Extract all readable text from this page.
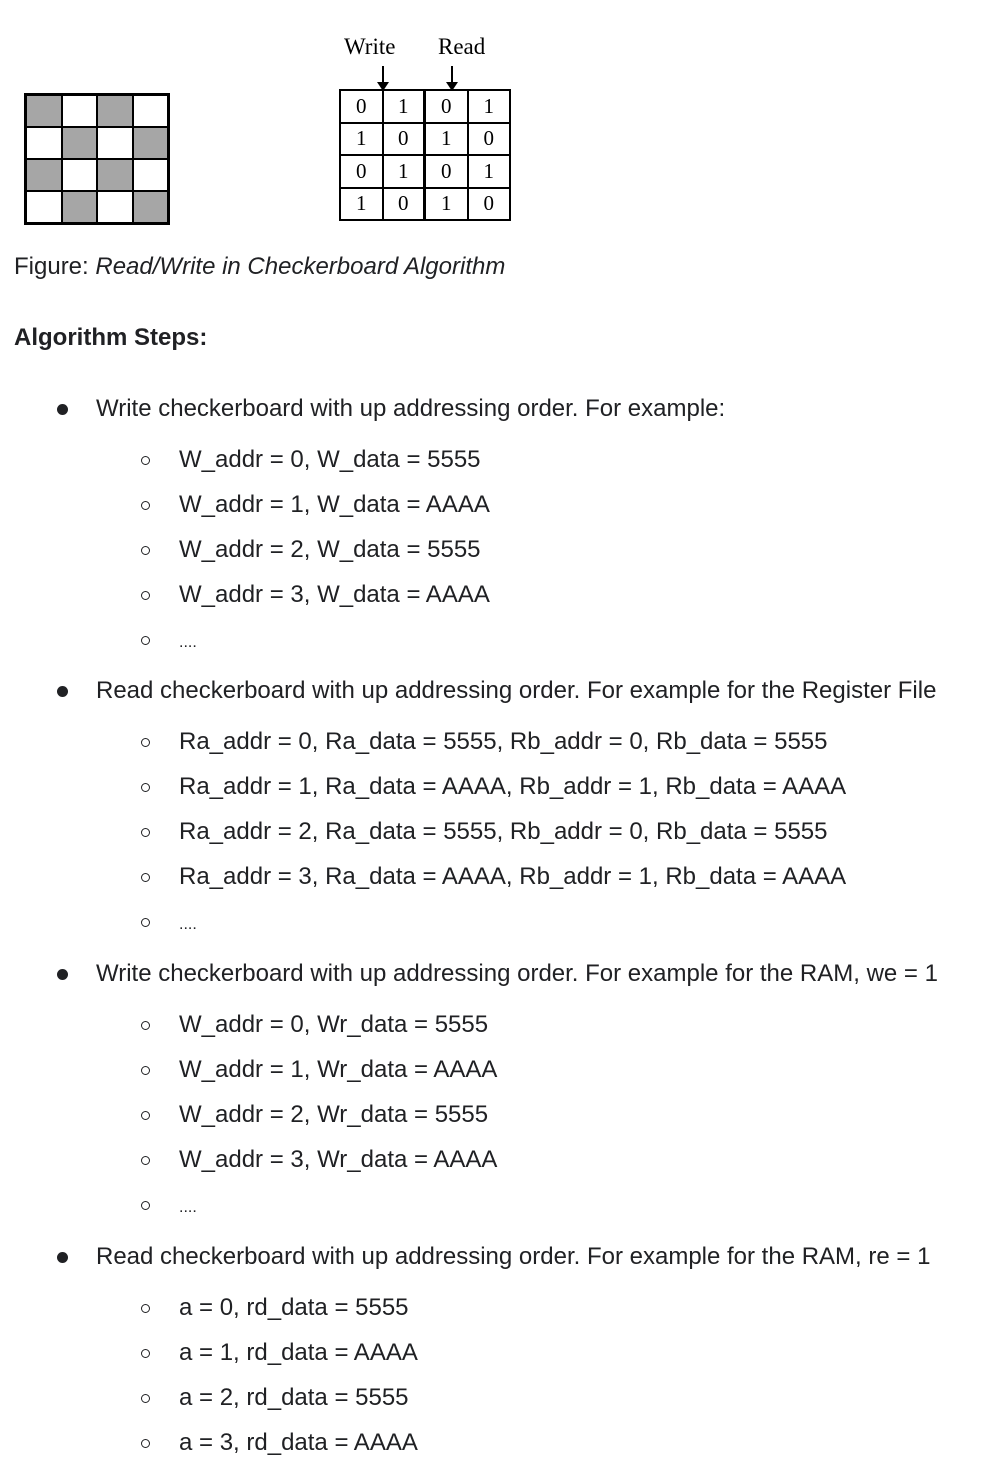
Write Read
0	1	0	1
1	0	1	0
0	1	0	1
1	0	1	0
Figure: Read/Write in Checkerboard Algorithm
Algorithm Steps:
Write checkerboard with up addressing order. For example:
W_addr = 0, W_data = 5555
W_addr = 1, W_data = AAAA
W_addr = 2, W_data = 5555
W_addr = 3, W_data = AAAA
....
Read checkerboard with up addressing order. For example for the Register File
Ra_addr = 0, Ra_data = 5555, Rb_addr = 0, Rb_data = 5555
Ra_addr = 1, Ra_data = AAAA, Rb_addr = 1, Rb_data = AAAA
Ra_addr = 2, Ra_data = 5555, Rb_addr = 0, Rb_data = 5555
Ra_addr = 3, Ra_data = AAAA, Rb_addr = 1, Rb_data = AAAA
....
Write checkerboard with up addressing order. For example for the RAM, we = 1
W_addr = 0, Wr_data = 5555
W_addr = 1, Wr_data = AAAA
W_addr = 2, Wr_data = 5555
W_addr = 3, Wr_data = AAAA
....
Read checkerboard with up addressing order. For example for the RAM, re = 1
a = 0, rd_data = 5555
a = 1, rd_data = AAAA
a = 2, rd_data = 5555
a = 3, rd_data = AAAA
